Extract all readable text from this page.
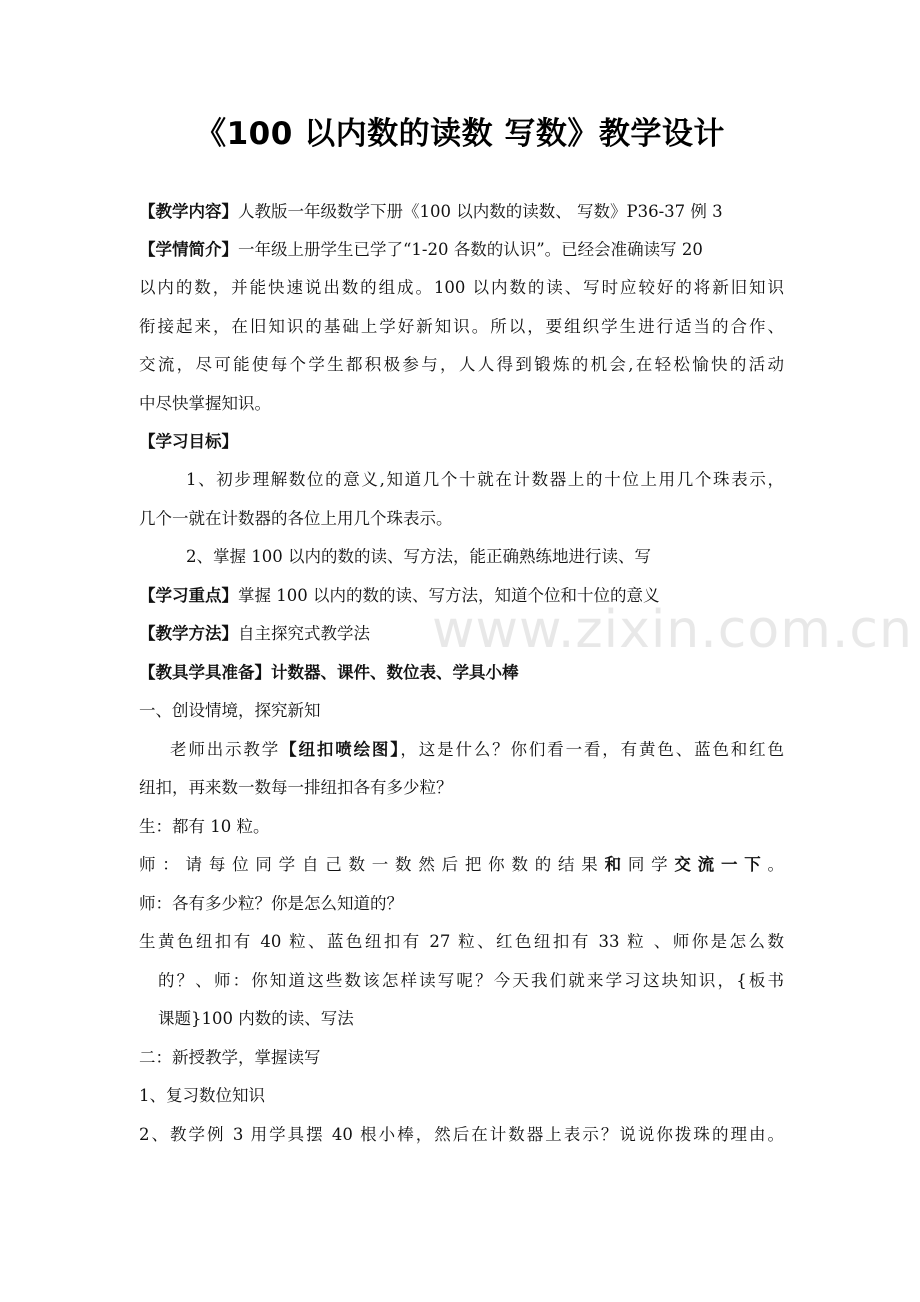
www.zixin.com.cn
《100 以内数的读数 写数》教学设计
【教学内容】人教版一年级数学下册《100 以内数的读数、 写数》P36-37 例 3
【学情简介】一年级上册学生已学了“1-20 各数的认识”。已经会准确读写 20
以内的数，并能快速说出数的组成。100 以内数的读、写时应较好的将新旧知识
衔接起来，在旧知识的基础上学好新知识。所以，要组织学生进行适当的合作、
交流，尽可能使每个学生都积极参与，人人得到锻炼的机会,在轻松愉快的活动
中尽快掌握知识。
【学习目标】
1、初步理解数位的意义,知道几个十就在计数器上的十位上用几个珠表示，
几个一就在计数器的各位上用几个珠表示。
2、掌握 100 以内的数的读、写方法，能正确熟练地进行读、写
【学习重点】掌握 100 以内的数的读、写方法，知道个位和十位的意义
【教学方法】自主探究式教学法
【教具学具准备】计数器、课件、数位表、学具小棒
一、创设情境，探究新知
老师出示教学【纽扣喷绘图】，这是什么？你们看一看，有黄色、蓝色和红色
纽扣，再来数一数每一排纽扣各有多少粒？
生：都有 10 粒。
师：请每位同学自己数一数然后把你数的结果和同学交流一下。
师：各有多少粒？你是怎么知道的？
生黄色纽扣有 40 粒、蓝色纽扣有 27 粒、红色纽扣有 33 粒 、师你是怎么数
的？、师：你知道这些数该怎样读写呢？今天我们就来学习这块知识，{板书
课题}100 内数的读、写法
二：新授教学，掌握读写
1、复习数位知识
2、教学例 3 用学具摆 40 根小棒，然后在计数器上表示？说说你拨珠的理由。
